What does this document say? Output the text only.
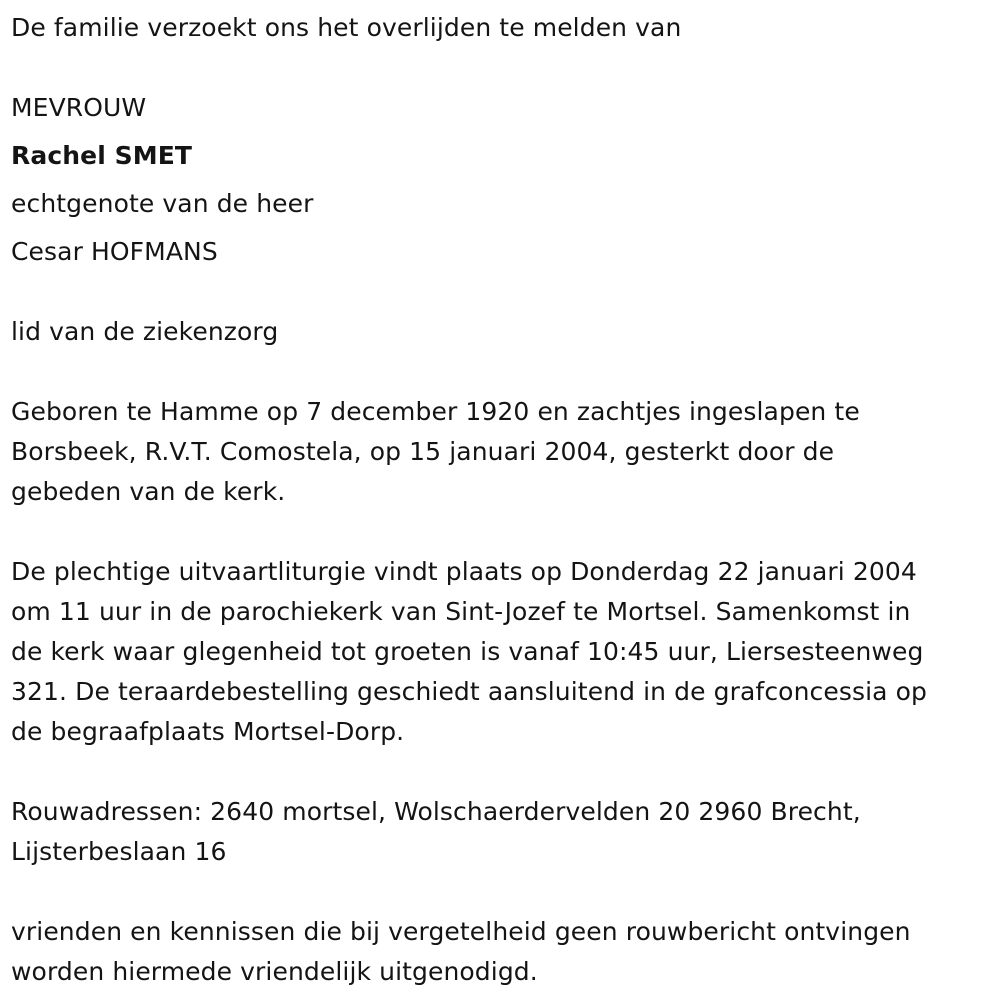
De familie verzoekt ons het overlijden te melden van
MEVROUW
Rachel SMET
echtgenote van de heer
Cesar HOFMANS
lid van de ziekenzorg
Geboren te Hamme op 7 december 1920 en zachtjes ingeslapen te
Borsbeek, R.V.T. Comostela, op 15 januari 2004, gesterkt door de
gebeden van de kerk.
De plechtige uitvaartliturgie vindt plaats op Donderdag 22 januari 2004
om 11 uur in de parochiekerk van Sint-Jozef te Mortsel. Samenkomst in
de kerk waar glegenheid tot groeten is vanaf 10:45 uur, Liersesteenweg
321. De teraardebestelling geschiedt aansluitend in de grafconcessia op
de begraafplaats Mortsel-Dorp.
Rouwadressen: 2640 mortsel, Wolschaerdervelden 20 2960 Brecht,
Lijsterbeslaan 16
vrienden en kennissen die bij vergetelheid geen rouwbericht ontvingen
worden hiermede vriendelijk uitgenodigd.
